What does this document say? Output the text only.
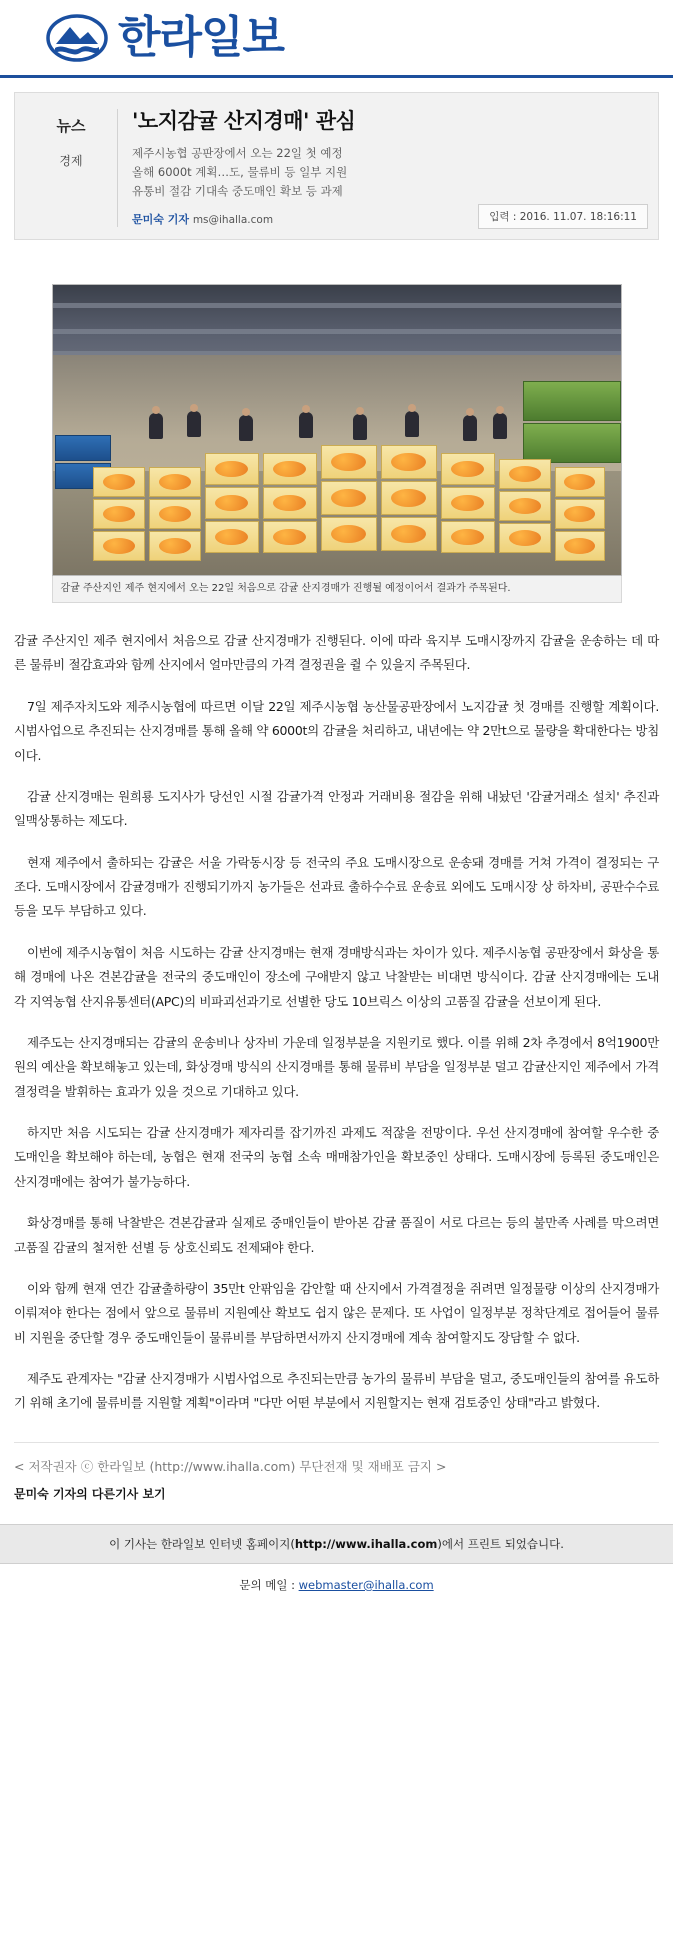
한라일보
뉴스
경제
'노지감귤 산지경매' 관심
제주시농협 공판장에서 오는 22일 첫 예정
올해 6000t 계획…도, 물류비 등 일부 지원
유통비 절감 기대속 중도매인 확보 등 과제
문미숙 기자 ms@ihalla.com	입력 : 2016. 11.07. 18:16:11
감귤 주산지인 제주 현지에서 오는 22일 처음으로 감귤 산지경매가 진행될 예정이어서 결과가 주목된다.

감귤 주산지인 제주 현지에서 처음으로 감귤 산지경매가 진행된다. 이에 따라 육지부 도매시장까지 감귤을 운송하는 데 따른 물류비 절감효과와 함께 산지에서 얼마만큼의 가격 결정권을 쥘 수 있을지 주목된다.

7일 제주자치도와 제주시농협에 따르면 이달 22일 제주시농협 농산물공판장에서 노지감귤 첫 경매를 진행할 계획이다. 시범사업으로 추진되는 산지경매를 통해 올해 약 6000t의 감귤을 처리하고, 내년에는 약 2만t으로 물량을 확대한다는 방침이다.

감귤 산지경매는 원희룡 도지사가 당선인 시절 감귤가격 안정과 거래비용 절감을 위해 내놨던 '감귤거래소 설치' 추진과 일맥상통하는 제도다.

현재 제주에서 출하되는 감귤은 서울 가락동시장 등 전국의 주요 도매시장으로 운송돼 경매를 거쳐 가격이 결정되는 구조다. 도매시장에서 감귤경매가 진행되기까지 농가들은 선과료 출하수수료 운송료 외에도 도매시장 상 하차비, 공판수수료 등을 모두 부담하고 있다.

이번에 제주시농협이 처음 시도하는 감귤 산지경매는 현재 경매방식과는 차이가 있다. 제주시농협 공판장에서 화상을 통해 경매에 나온 견본감귤을 전국의 중도매인이 장소에 구애받지 않고 낙찰받는 비대면 방식이다. 감귤 산지경매에는 도내 각 지역농협 산지유통센터(APC)의 비파괴선과기로 선별한 당도 10브릭스 이상의 고품질 감귤을 선보이게 된다.

제주도는 산지경매되는 감귤의 운송비나 상자비 가운데 일정부분을 지원키로 했다. 이를 위해 2차 추경에서 8억1900만원의 예산을 확보해놓고 있는데, 화상경매 방식의 산지경매를 통해 물류비 부담을 일정부분 덜고 감귤산지인 제주에서 가격 결정력을 발휘하는 효과가 있을 것으로 기대하고 있다.

하지만 처음 시도되는 감귤 산지경매가 제자리를 잡기까진 과제도 적잖을 전망이다. 우선 산지경매에 참여할 우수한 중도매인을 확보해야 하는데, 농협은 현재 전국의 농협 소속 매매참가인을 확보중인 상태다. 도매시장에 등록된 중도매인은 산지경매에는 참여가 불가능하다.

화상경매를 통해 낙찰받은 견본감귤과 실제로 중매인들이 받아본 감귤 품질이 서로 다르는 등의 불만족 사례를 막으려면 고품질 감귤의 철저한 선별 등 상호신뢰도 전제돼야 한다.

이와 함께 현재 연간 감귤출하량이 35만t 안팎임을 감안할 때 산지에서 가격결정을 쥐려면 일정물량 이상의 산지경매가 이뤄져야 한다는 점에서 앞으로 물류비 지원예산 확보도 쉽지 않은 문제다. 또 사업이 일정부분 정착단계로 접어들어 물류비 지원을 중단할 경우 중도매인들이 물류비를 부담하면서까지 산지경매에 계속 참여할지도 장담할 수 없다.

제주도 관계자는 "감귤 산지경매가 시범사업으로 추진되는만큼 농가의 물류비 부담을 덜고, 중도매인들의 참여를 유도하기 위해 초기에 물류비를 지원할 계획"이라며 "다만 어떤 부분에서 지원할지는 현재 검토중인 상태"라고 밝혔다.

< 저작권자 ⓒ 한라일보 (http://www.ihalla.com) 무단전재 및 재배포 금지 >
문미숙 기자의 다른기사 보기
이 기사는 한라일보 인터넷 홈페이지(http://www.ihalla.com)에서 프린트 되었습니다.
문의 메일 : webmaster@ihalla.com
